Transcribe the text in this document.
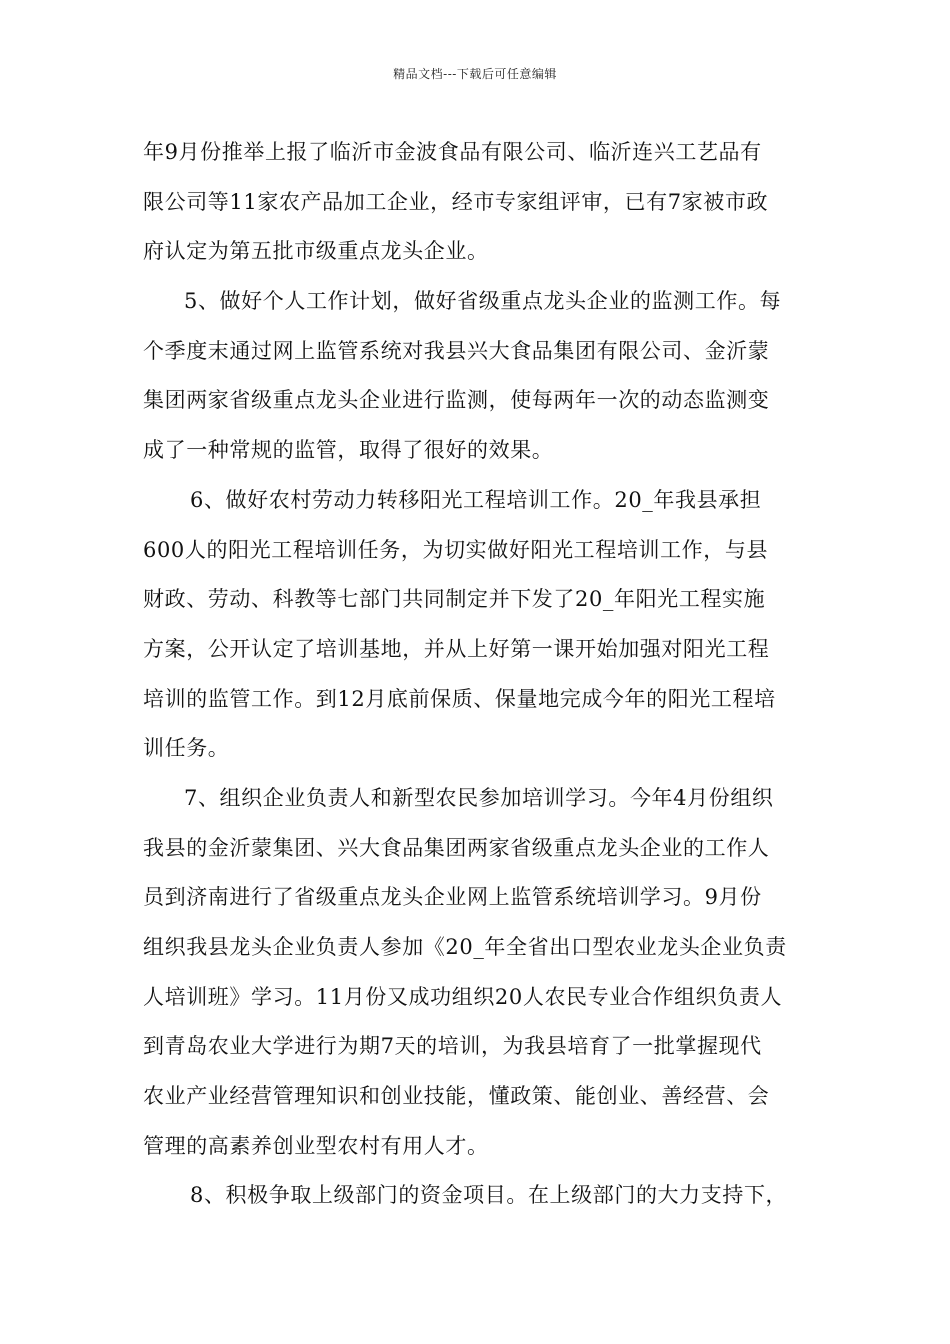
精品文档---下载后可任意编辑
年9月份推举上报了临沂市金波食品有限公司、临沂连兴工艺品有
限公司等11家农产品加工企业，经市专家组评审，已有7家被市政
府认定为第五批市级重点龙头企业。
5、做好个人工作计划，做好省级重点龙头企业的监测工作。每
个季度末通过网上监管系统对我县兴大食品集团有限公司、金沂蒙
集团两家省级重点龙头企业进行监测，使每两年一次的动态监测变
成了一种常规的监管，取得了很好的效果。
6、做好农村劳动力转移阳光工程培训工作。20_年我县承担
600人的阳光工程培训任务，为切实做好阳光工程培训工作，与县
财政、劳动、科教等七部门共同制定并下发了20_年阳光工程实施
方案，公开认定了培训基地，并从上好第一课开始加强对阳光工程
培训的监管工作。到12月底前保质、保量地完成今年的阳光工程培
训任务。
7、组织企业负责人和新型农民参加培训学习。今年4月份组织
我县的金沂蒙集团、兴大食品集团两家省级重点龙头企业的工作人
员到济南进行了省级重点龙头企业网上监管系统培训学习。9月份
组织我县龙头企业负责人参加《20_年全省出口型农业龙头企业负责
人培训班》学习。11月份又成功组织20人农民专业合作组织负责人
到青岛农业大学进行为期7天的培训，为我县培育了一批掌握现代
农业产业经营管理知识和创业技能，懂政策、能创业、善经营、会
管理的高素养创业型农村有用人才。
8、积极争取上级部门的资金项目。在上级部门的大力支持下，
